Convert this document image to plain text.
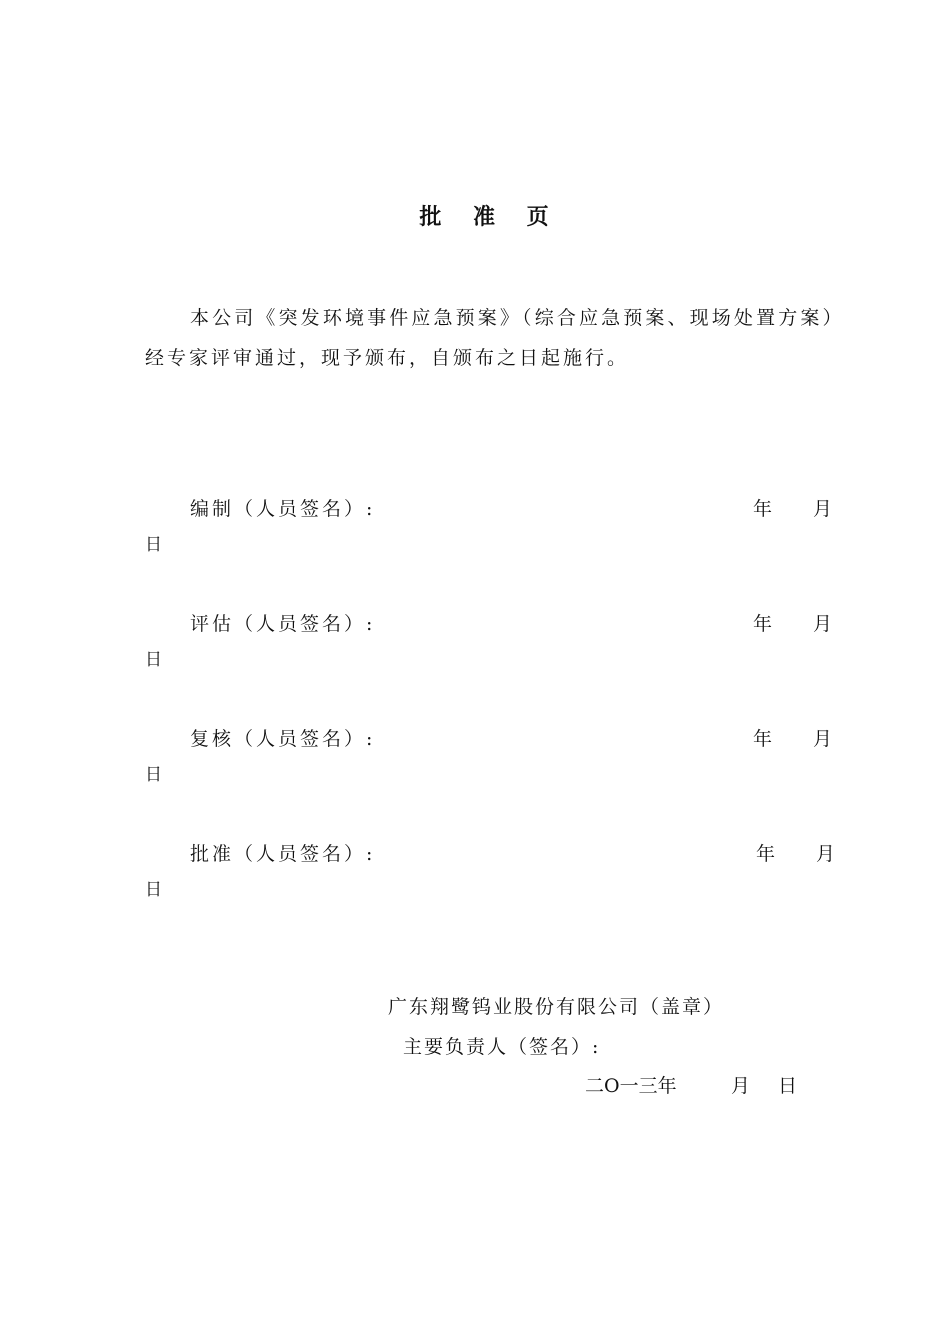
批 准 页

本公司《突发环境事件应急预案》（综合应急预案、现场处置方案）经专家评审通过，现予颁布，自颁布之日起施行。

编制（人员签名）:	年 月
日
评估（人员签名）:	年 月
日
复核（人员签名）:	年 月
日
批准（人员签名）:	年 月
日
广东翔鹭钨业股份有限公司（盖章）
主要负责人（签名）:
二O一三年	月 日
